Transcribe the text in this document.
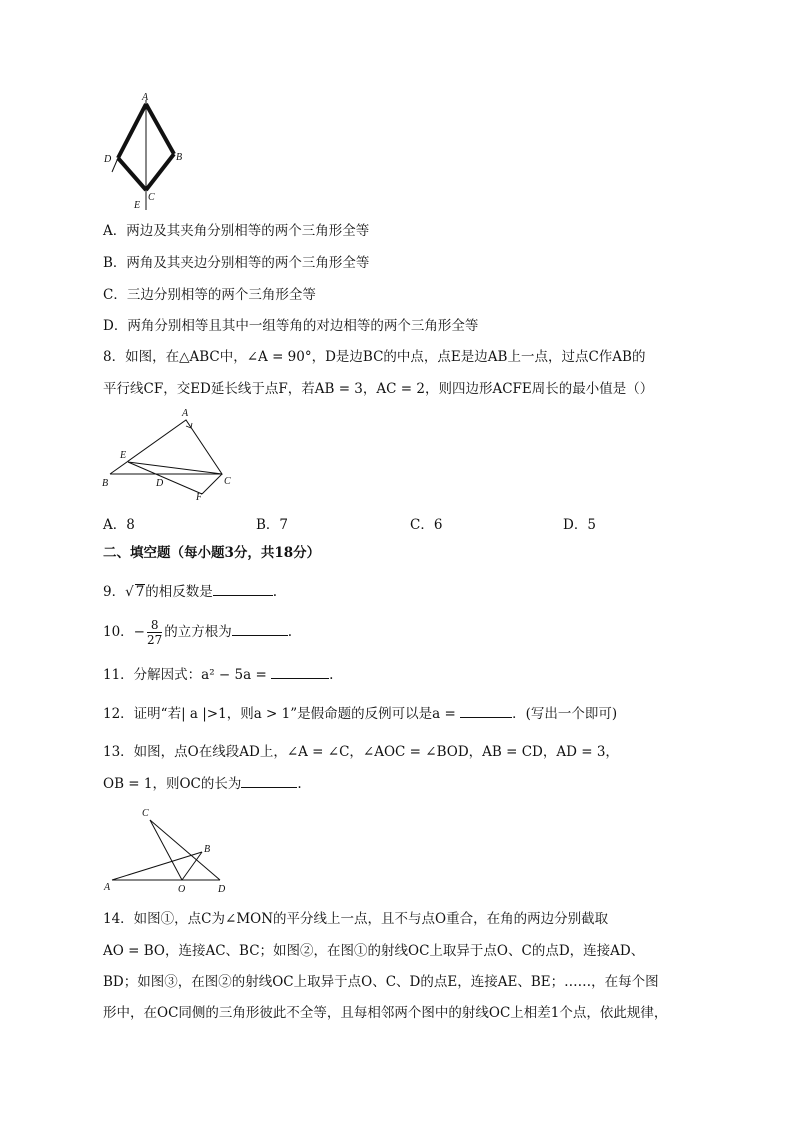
A
B
C
D
E
A．两边及其夹角分别相等的两个三角形全等
B．两角及其夹边分别相等的两个三角形全等
C．三边分别相等的两个三角形全等
D．两角分别相等且其中一组等角的对边相等的两个三角形全等
8．如图，在△ABC中，∠A = 90°，D是边BC的中点，点E是边AB上一点，过点C作AB的
平行线CF，交ED延长线于点F，若AB = 3，AC = 2，则四边形ACFE周长的最小值是（）
A
E
B	D	C
F
A．8	B．7	C．6	D．5
二、填空题（每小题3分，共18分）
9．√ 7的相反数是	.
10．− $\frac{8}{27}$ 的立方根为	.
11．分解因式：a² − 5a =	.
12．证明“若| a |>1，则a > 1”是假命题的反例可以是a =	．(写出一个即可)
13．如图，点O在线段AD上，∠A = ∠C，∠AOC = ∠BOD，AB = CD，AD = 3，
OB = 1，则OC的长为	.
C
B
A	O	D
14．如图①，点C为∠MON的平分线上一点，且不与点O重合，在角的两边分别截取
AO = BO，连接AC、BC；如图②，在图①的射线OC上取异于点O、C的点D，连接AD、
BD；如图③，在图②的射线OC上取异于点O、C、D的点E，连接AE、BE；……，在每个图
形中，在OC同侧的三角形彼此不全等，且每相邻两个图中的射线OC上相差1个点，依此规律，
